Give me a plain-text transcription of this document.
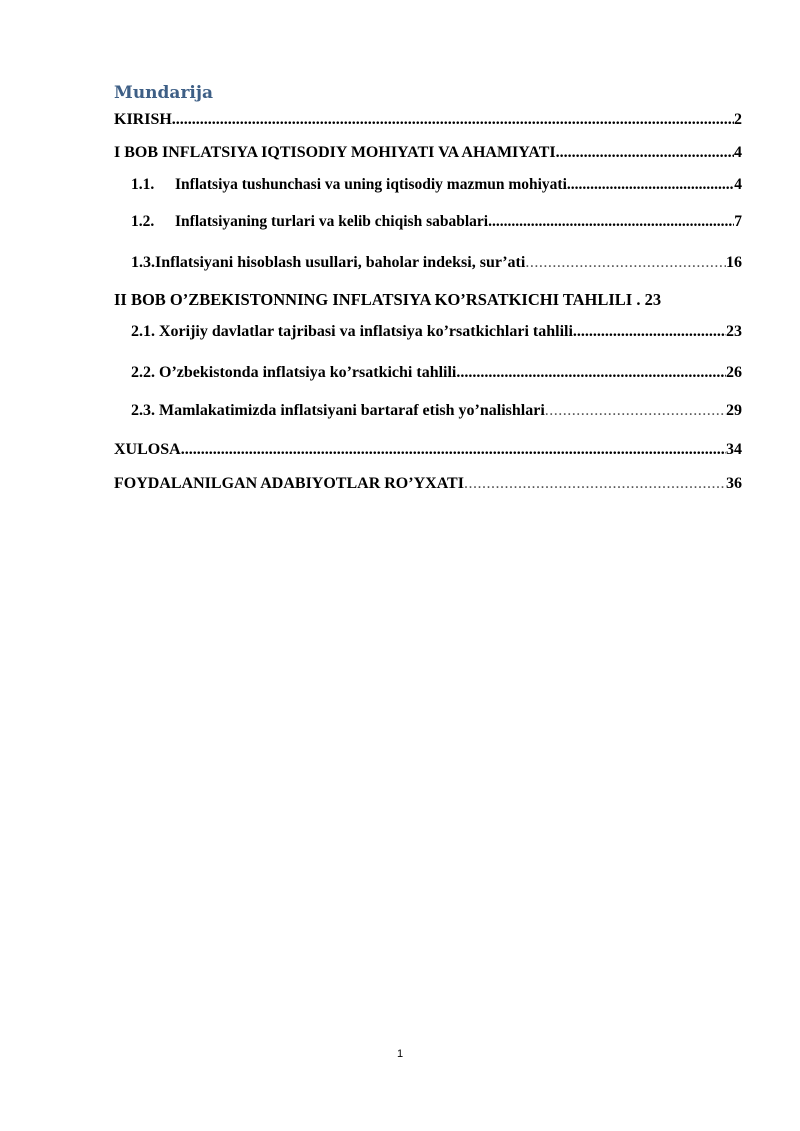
Mundarija
KIRISH .....	2
I BOB INFLATSIYA IQTISODIY MOHIYATI VA AHAMIYATI .....	4
1.1. Inflatsiya tushunchasi va uning iqtisodiy mazmun mohiyati .....	4
1.2. Inflatsiyaning turlari va kelib chiqish sabablari .....	7
1.3.Inflatsiyani hisoblash usullari, baholar indeksi, sur’ati .....	16
II BOB O’ZBEKISTONNING INFLATSIYA KO’RSATKICHI TAHLILI . 23
2.1. Xorijiy davlatlar tajribasi va inflatsiya ko’rsatkichlari tahlili .....	23
2.2. O’zbekistonda inflatsiya ko’rsatkichi tahlili .....	26
2.3. Mamlakatimizda inflatsiyani bartaraf etish yo’nalishlari .....	29
XULOSA .....	34
FOYDALANILGAN ADABIYOTLAR RO’YXATI .....	36
1
